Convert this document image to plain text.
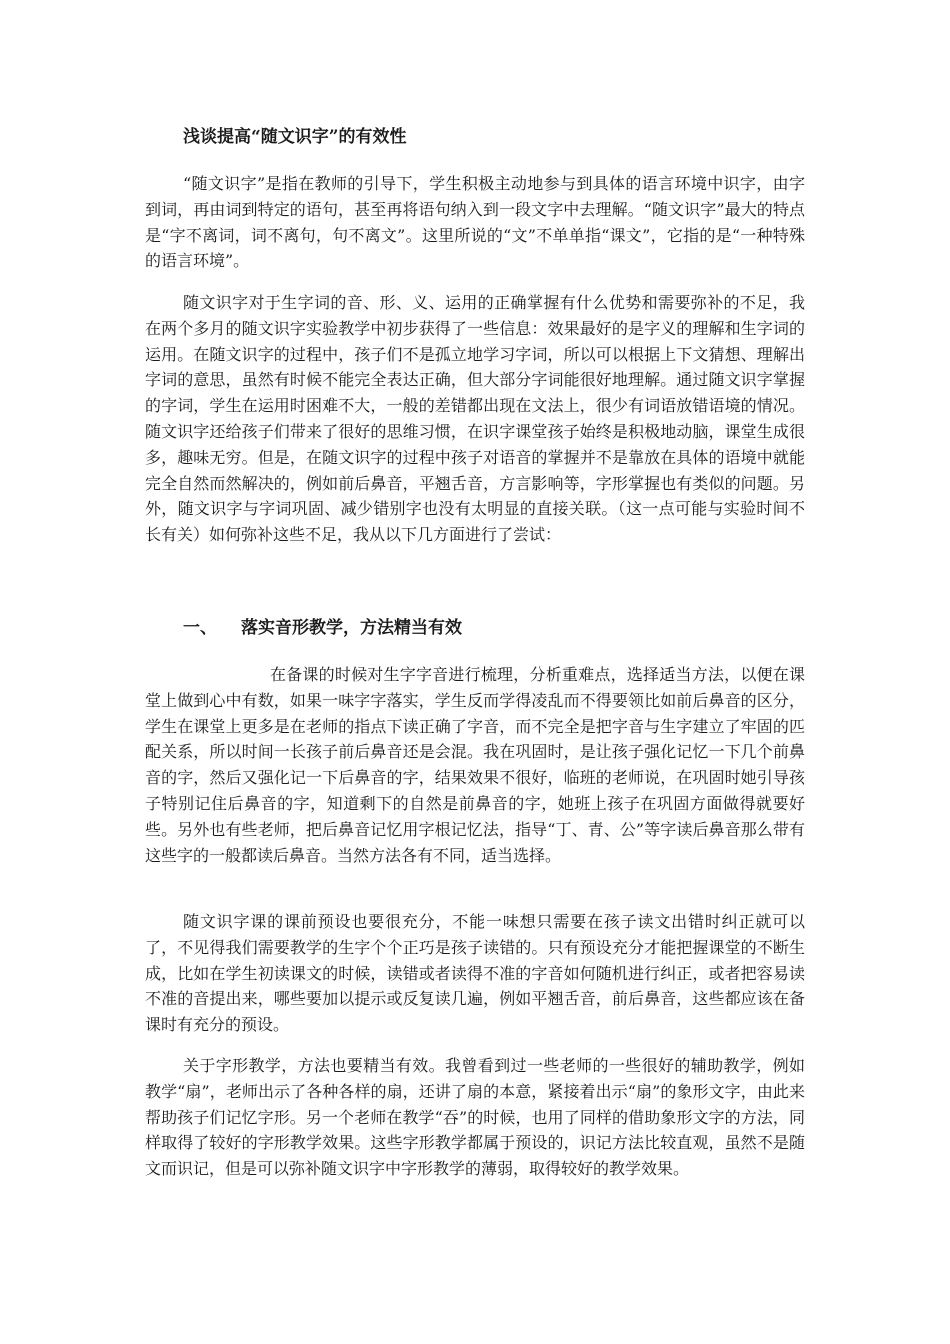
浅谈提高“随文识字”的有效性
“随文识字”是指在教师的引导下，学生积极主动地参与到具体的语言环境中识字，由字到词，再由词到特定的语句，甚至再将语句纳入到一段文字中去理解。“随文识字”最大的特点是“字不离词，词不离句，句不离文”。这里所说的“文”不单单指“课文”，它指的是“一种特殊的语言环境”。
随文识字对于生字词的音、形、义、运用的正确掌握有什么优势和需要弥补的不足，我在两个多月的随文识字实验教学中初步获得了一些信息：效果最好的是字义的理解和生字词的运用。在随文识字的过程中，孩子们不是孤立地学习字词，所以可以根据上下文猜想、理解出字词的意思，虽然有时候不能完全表达正确，但大部分字词能很好地理解。通过随文识字掌握的字词，学生在运用时困难不大，一般的差错都出现在文法上，很少有词语放错语境的情况。随文识字还给孩子们带来了很好的思维习惯，在识字课堂孩子始终是积极地动脑，课堂生成很多，趣味无穷。但是，在随文识字的过程中孩子对语音的掌握并不是靠放在具体的语境中就能完全自然而然解决的，例如前后鼻音，平翘舌音，方言影响等，字形掌握也有类似的问题。另外，随文识字与字词巩固、减少错别字也没有太明显的直接关联。（这一点可能与实验时间不长有关）如何弥补这些不足，我从以下几方面进行了尝试：
一、 落实音形教学，方法精当有效
在备课的时候对生字字音进行梳理，分析重难点，选择适当方法，以便在课堂上做到心中有数，如果一味字字落实，学生反而学得凌乱而不得要领比如前后鼻音的区分，学生在课堂上更多是在老师的指点下读正确了字音，而不完全是把字音与生字建立了牢固的匹配关系，所以时间一长孩子前后鼻音还是会混。我在巩固时，是让孩子强化记忆一下几个前鼻音的字，然后又强化记一下后鼻音的字，结果效果不很好，临班的老师说，在巩固时她引导孩子特别记住后鼻音的字，知道剩下的自然是前鼻音的字，她班上孩子在巩固方面做得就要好些。另外也有些老师，把后鼻音记忆用字根记忆法，指导“丁、青、公”等字读后鼻音那么带有这些字的一般都读后鼻音。当然方法各有不同，适当选择。
随文识字课的课前预设也要很充分，不能一味想只需要在孩子读文出错时纠正就可以了，不见得我们需要教学的生字个个正巧是孩子读错的。只有预设充分才能把握课堂的不断生成，比如在学生初读课文的时候，读错或者读得不准的字音如何随机进行纠正，或者把容易读不准的音提出来，哪些要加以提示或反复读几遍，例如平翘舌音，前后鼻音，这些都应该在备课时有充分的预设。
关于字形教学，方法也要精当有效。我曾看到过一些老师的一些很好的辅助教学，例如教学“扇”，老师出示了各种各样的扇，还讲了扇的本意，紧接着出示“扇”的象形文字，由此来帮助孩子们记忆字形。另一个老师在教学“吞”的时候，也用了同样的借助象形文字的方法，同样取得了较好的字形教学效果。这些字形教学都属于预设的，识记方法比较直观，虽然不是随文而识记，但是可以弥补随文识字中字形教学的薄弱，取得较好的教学效果。
